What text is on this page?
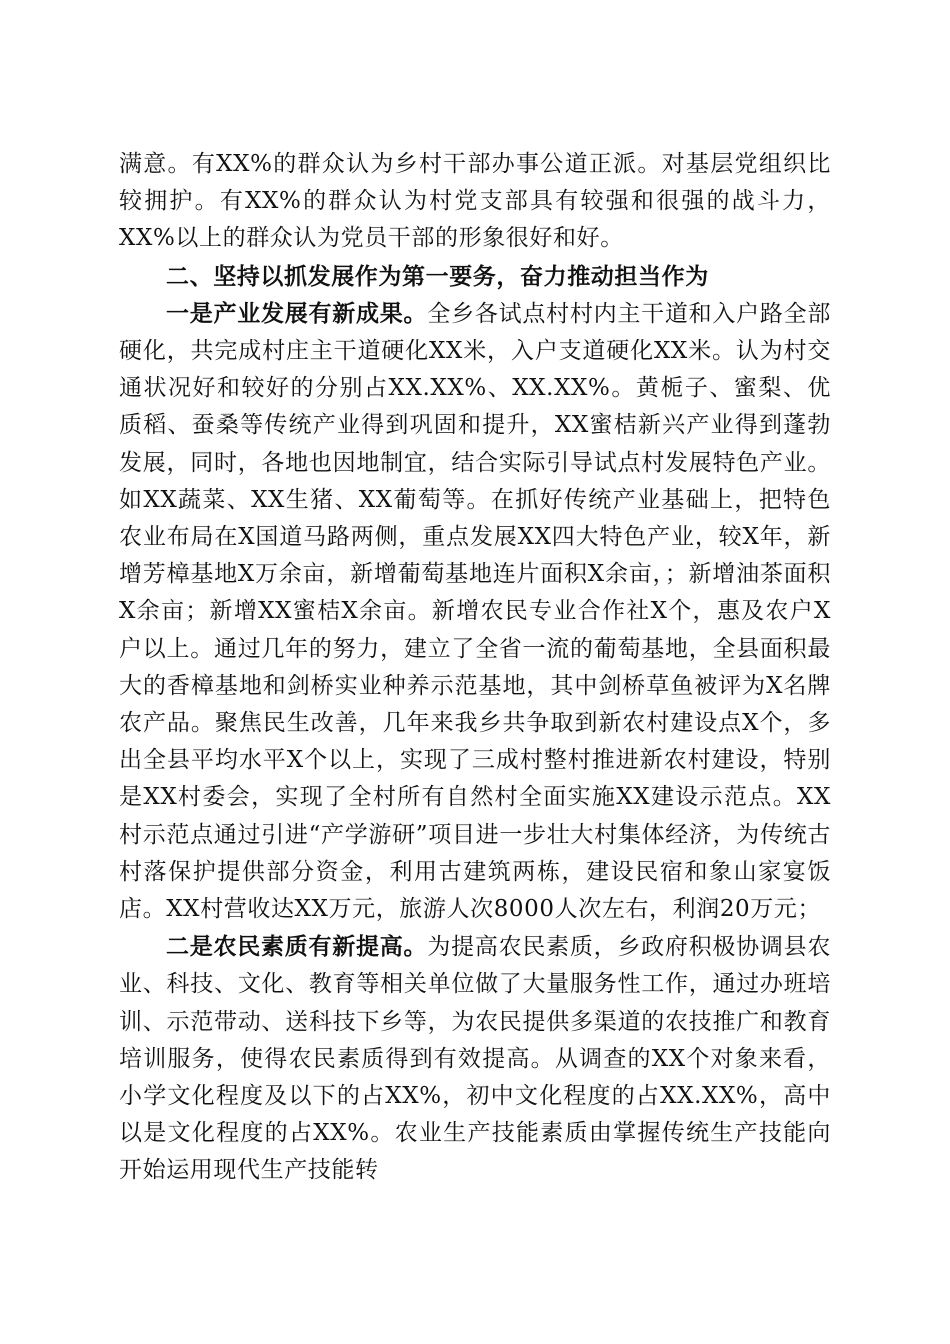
满意。有XX%的群众认为乡村干部办事公道正派。对基层党组织比较拥护。有XX%的群众认为村党支部具有较强和很强的战斗力，XX%以上的群众认为党员干部的形象很好和好。

二、坚持以抓发展作为第一要务，奋力推动担当作为

一是产业发展有新成果。全乡各试点村村内主干道和入户路全部硬化，共完成村庄主干道硬化XX米，入户支道硬化XX米。认为村交通状况好和较好的分别占XX.XX%、XX.XX%。黄栀子、蜜梨、优质稻、蚕桑等传统产业得到巩固和提升，XX蜜桔新兴产业得到蓬勃发展，同时，各地也因地制宜，结合实际引导试点村发展特色产业。如XX蔬菜、XX生猪、XX葡萄等。在抓好传统产业基础上，把特色农业布局在X国道马路两侧，重点发展XX四大特色产业，较X年，新增芳樟基地X万余亩，新增葡萄基地连片面积X余亩，；新增油茶面积X余亩；新增XX蜜桔X余亩。新增农民专业合作社X个，惠及农户X户以上。通过几年的努力，建立了全省一流的葡萄基地，全县面积最大的香樟基地和剑桥实业种养示范基地，其中剑桥草鱼被评为X名牌农产品。聚焦民生改善，几年来我乡共争取到新农村建设点X个，多出全县平均水平X个以上，实现了三成村整村推进新农村建设，特别是XX村委会，实现了全村所有自然村全面实施XX建设示范点。XX村示范点通过引进“产学游研”项目进一步壮大村集体经济，为传统古村落保护提供部分资金，利用古建筑两栋，建设民宿和象山家宴饭店。XX村营收达XX万元，旅游人次8000人次左右，利润20万元；

二是农民素质有新提高。为提高农民素质，乡政府积极协调县农业、科技、文化、教育等相关单位做了大量服务性工作，通过办班培训、示范带动、送科技下乡等，为农民提供多渠道的农技推广和教育培训服务，使得农民素质得到有效提高。从调查的XX个对象来看，小学文化程度及以下的占XX%，初中文化程度的占XX.XX%，高中以是文化程度的占XX%。农业生产技能素质由掌握传统生产技能向开始运用现代生产技能转
